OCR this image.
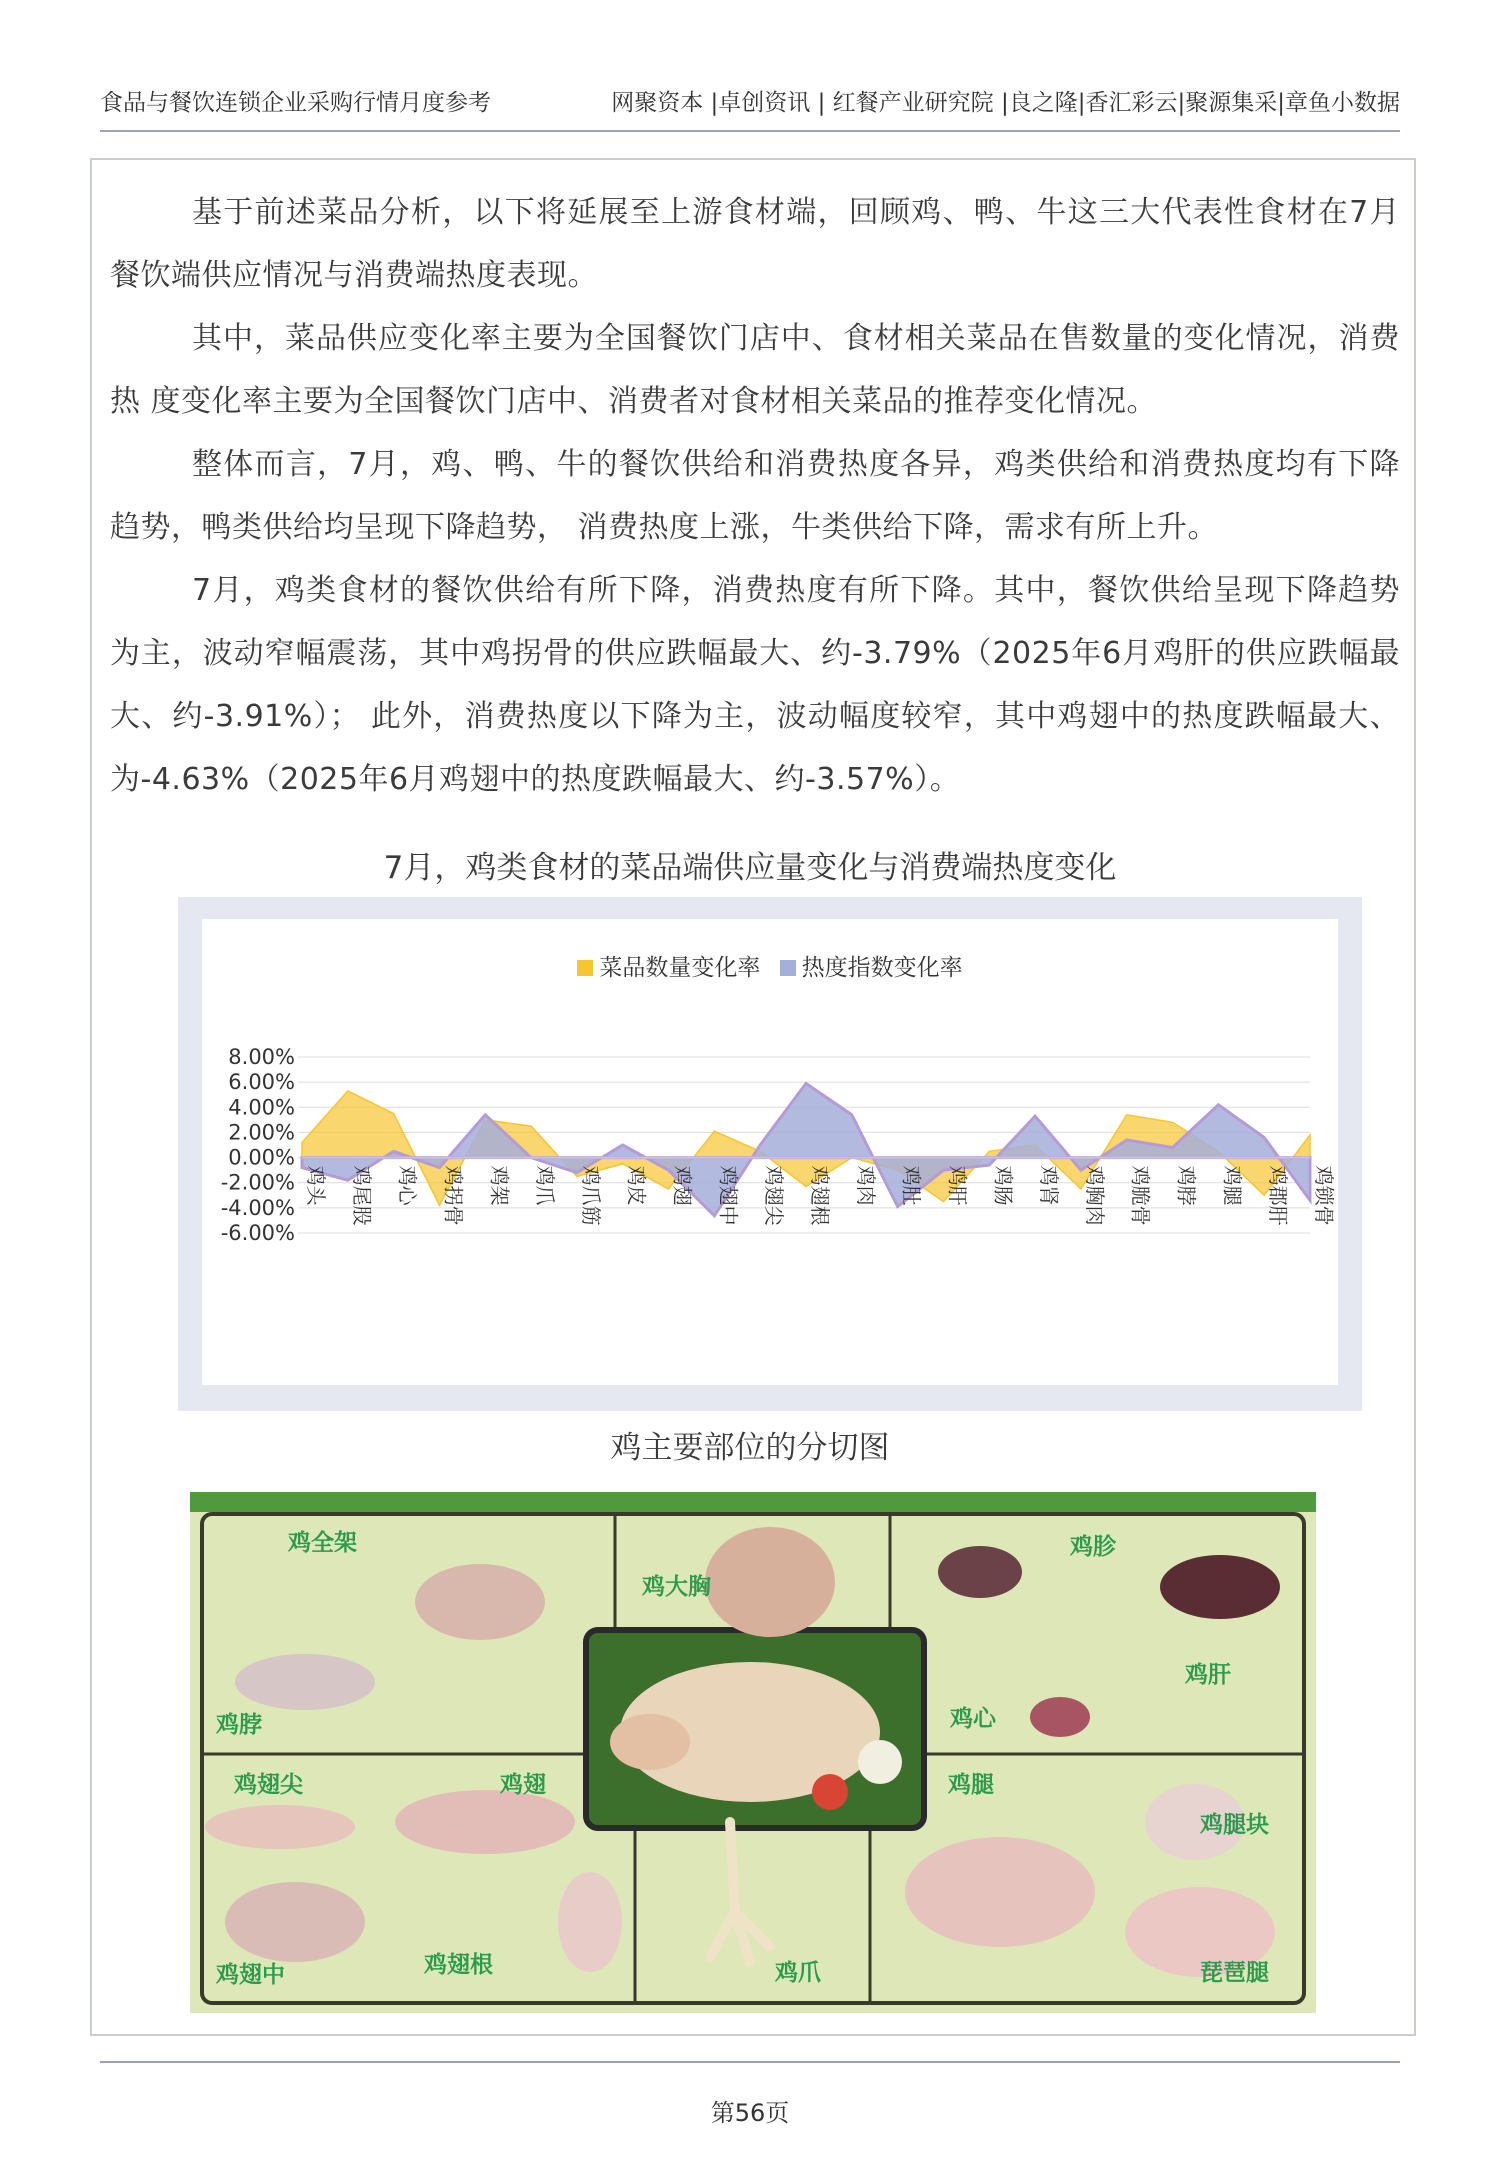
食品与餐饮连锁企业采购行情月度参考	网聚资本 |卓创资讯 | 红餐产业研究院 |良之隆|香汇彩云|聚源集采|章鱼小数据

基于前述菜品分析，以下将延展至上游食材端，回顾鸡、鸭、牛这三大代表性食材在7月餐饮端供应情况与消费端热度表现。

其中，菜品供应变化率主要为全国餐饮门店中、食材相关菜品在售数量的变化情况，消费热 度变化率主要为全国餐饮门店中、消费者对食材相关菜品的推荐变化情况。

整体而言，7月，鸡、鸭、牛的餐饮供给和消费热度各异，鸡类供给和消费热度均有下降趋势，鸭类供给均呈现下降趋势， 消费热度上涨，牛类供给下降，需求有所上升。

7月，鸡类食材的餐饮供给有所下降，消费热度有所下降。其中，餐饮供给呈现下降趋势为主，波动窄幅震荡，其中鸡拐骨的供应跌幅最大、约-3.79%（2025年6月鸡肝的供应跌幅最大、约-3.91%）； 此外，消费热度以下降为主，波动幅度较窄，其中鸡翅中的热度跌幅最大、为-4.63%（2025年6月鸡翅中的热度跌幅最大、约-3.57%）。

7月，鸡类食材的菜品端供应量变化与消费端热度变化
菜品数量变化率 热度指数变化率
8.00%
6.00%
4.00%
2.00%
0.00%
-2.00%
-4.00%
-6.00%
鸡头 鸡尾股 鸡心 鸡拐骨 鸡架 鸡爪 鸡爪筋 鸡皮 鸡翅 鸡翅中 鸡翅尖 鸡翅根 鸡肉 鸡肚 鸡肝 鸡肠 鸡肾 鸡胸肉 鸡脆骨 鸡脖 鸡腿 鸡郡肝 鸡锁骨
鸡主要部位的分切图
鸡全架
鸡大胸
鸡胗
鸡脖
鸡肝
鸡心
鸡翅尖	鸡翅	鸡腿
鸡腿块
鸡翅中	鸡翅根	鸡爪	琵琶腿
第56页
